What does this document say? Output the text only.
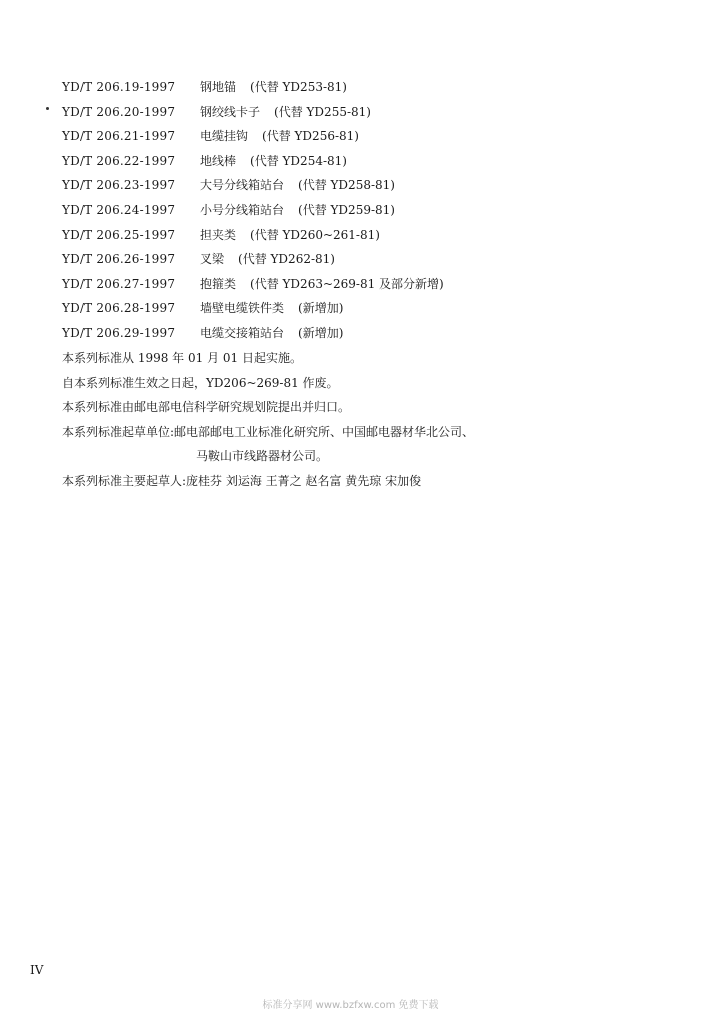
YD/T 206.19-1997	钢地锚 (代替 YD253-81)
YD/T 206.20-1997	钢绞线卡子 (代替 YD255-81)
YD/T 206.21-1997	电缆挂钩 (代替 YD256-81)
YD/T 206.22-1997	地线棒 (代替 YD254-81)
YD/T 206.23-1997	大号分线箱站台 (代替 YD258-81)
YD/T 206.24-1997	小号分线箱站台 (代替 YD259-81)
YD/T 206.25-1997	担夹类 (代替 YD260~261-81)
YD/T 206.26-1997	叉梁 (代替 YD262-81)
YD/T 206.27-1997	抱箍类 (代替 YD263~269-81 及部分新增)
YD/T 206.28-1997	墙壁电缆铁件类 (新增加)
YD/T 206.29-1997	电缆交接箱站台 (新增加)
本系列标准从 1998 年 01 月 01 日起实施。
自本系列标准生效之日起，YD206~269-81 作废。
本系列标准由邮电部电信科学研究规划院提出并归口。
本系列标准起草单位:邮电部邮电工业标准化研究所、中国邮电器材华北公司、
马鞍山市线路器材公司。
本系列标准主要起草人:庞桂芬 刘运海 王菁之 赵名富 黄先琼 宋加俊
IV
标准分享网 www.bzfxw.com 免费下载
